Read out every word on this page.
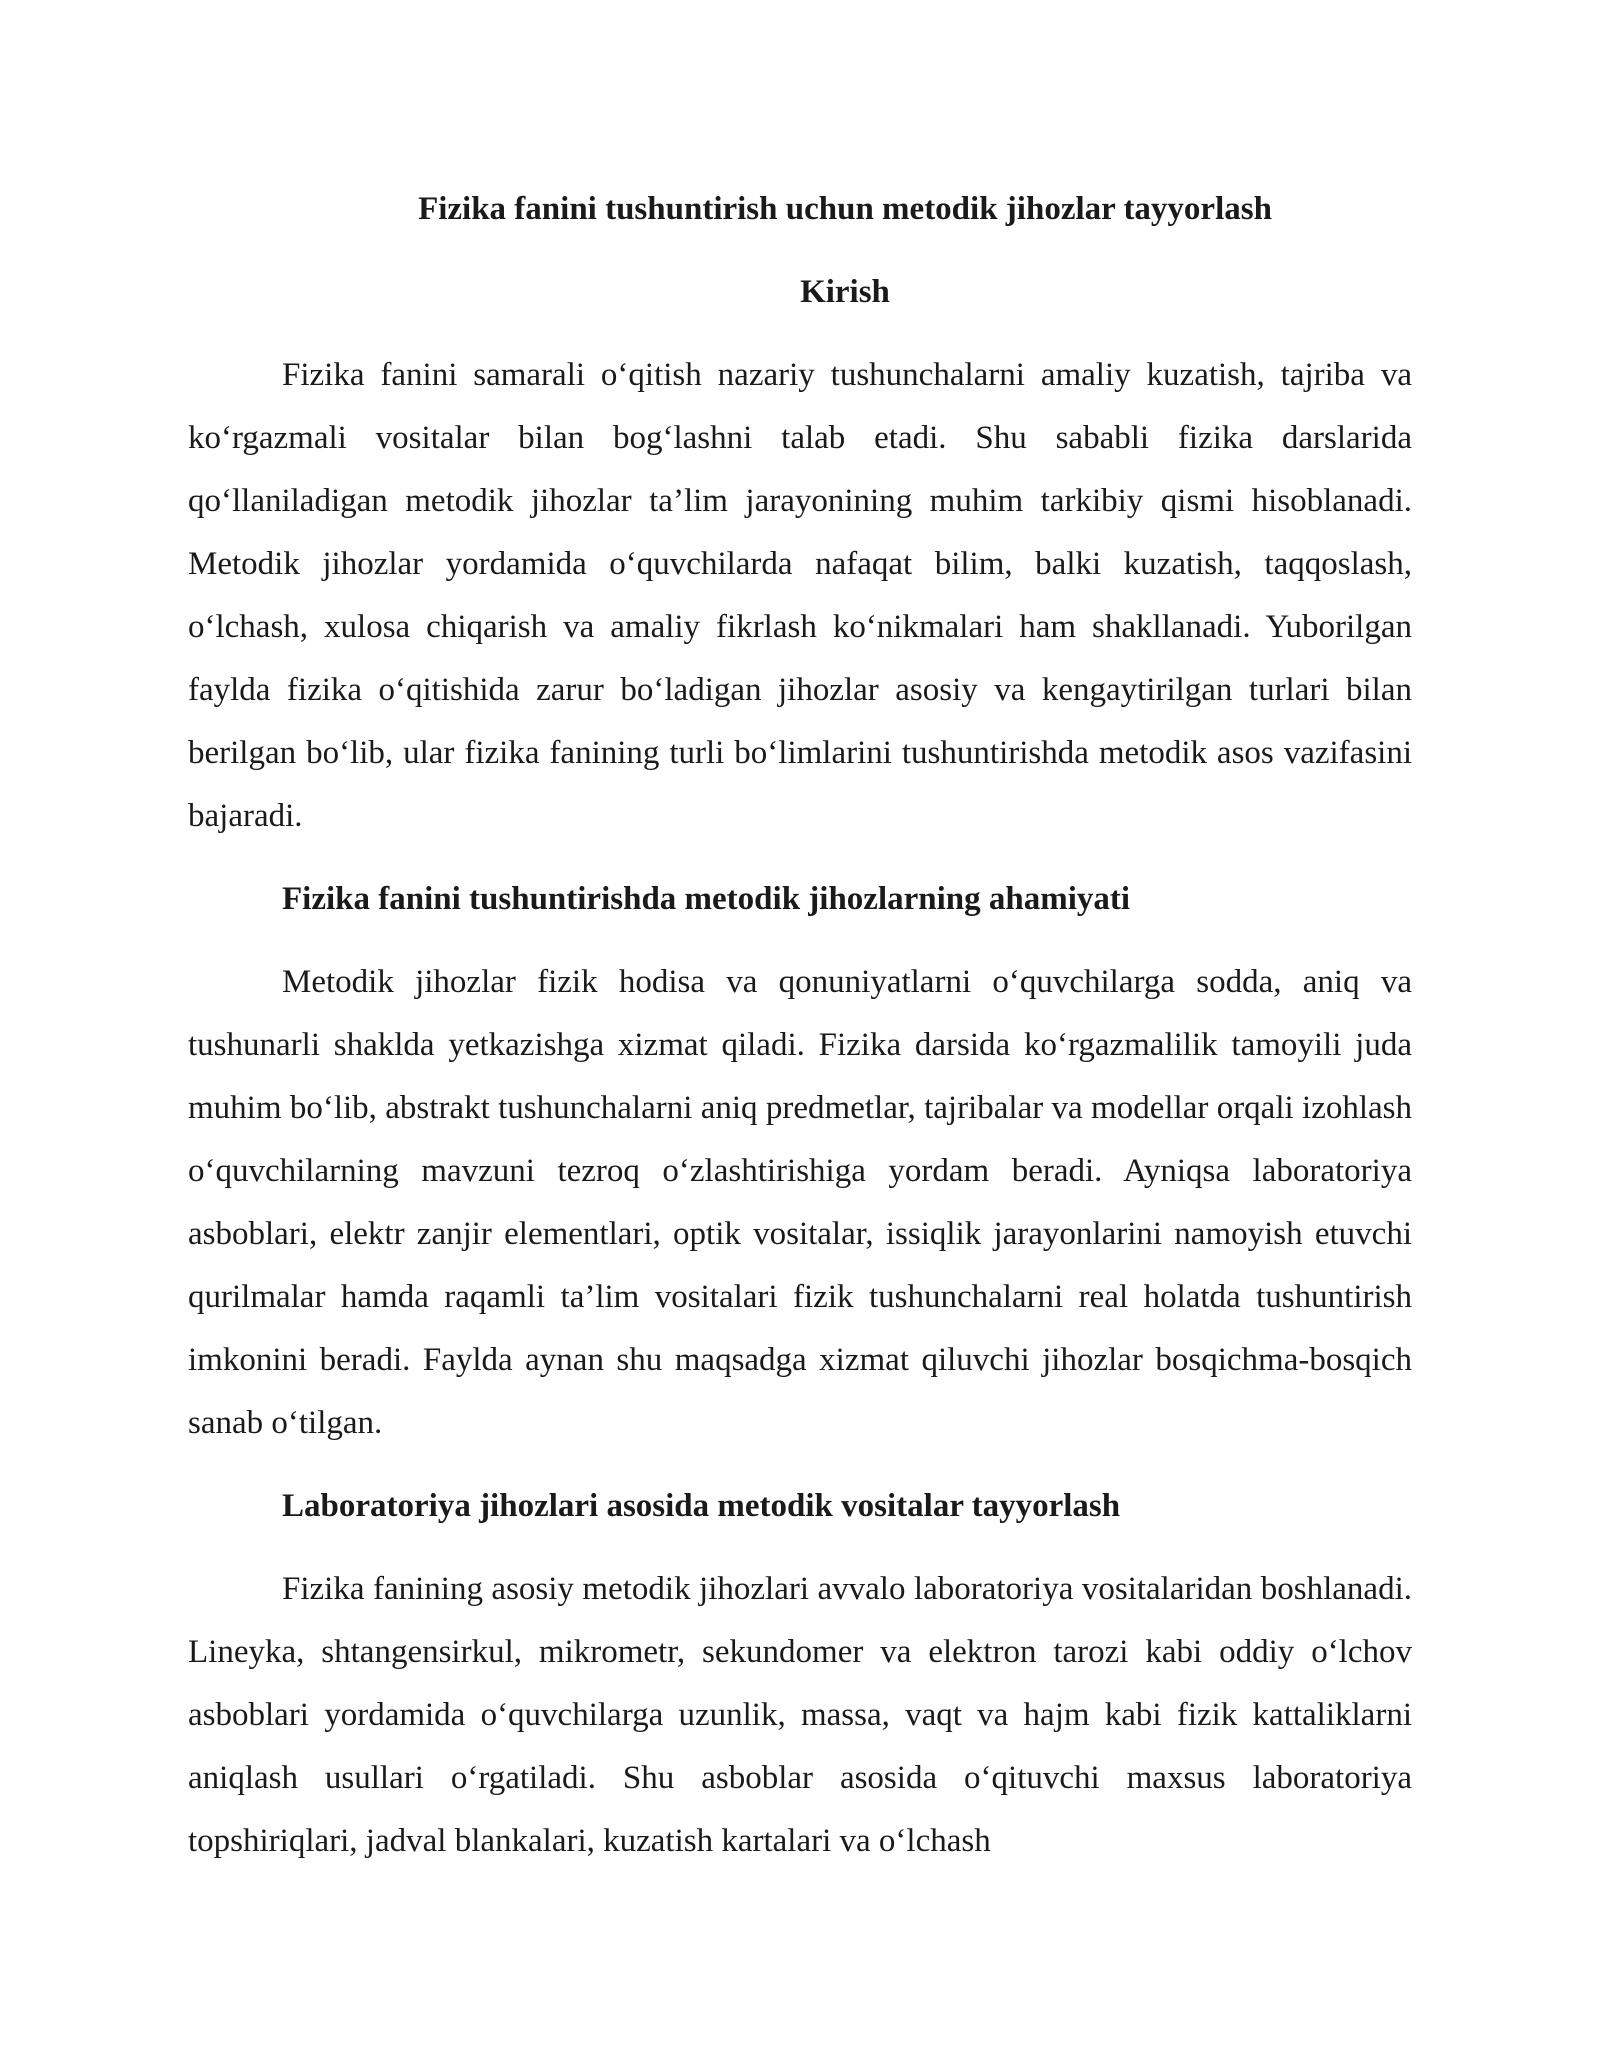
Fizika fanini tushuntirish uchun metodik jihozlar tayyorlash
Kirish

Fizika fanini samarali o‘qitish nazariy tushunchalarni amaliy kuzatish, tajriba va ko‘rgazmali vositalar bilan bog‘lashni talab etadi. Shu sababli fizika darslarida qo‘llaniladigan metodik jihozlar ta’lim jarayonining muhim tarkibiy qismi hisoblanadi. Metodik jihozlar yordamida o‘quvchilarda nafaqat bilim, balki kuzatish, taqqoslash, o‘lchash, xulosa chiqarish va amaliy fikrlash ko‘nikmalari ham shakllanadi. Yuborilgan faylda fizika o‘qitishida zarur bo‘ladigan jihozlar asosiy va kengaytirilgan turlari bilan berilgan bo‘lib, ular fizika fanining turli bo‘limlarini tushuntirishda metodik asos vazifasini bajaradi.

Fizika fanini tushuntirishda metodik jihozlarning ahamiyati

Metodik jihozlar fizik hodisa va qonuniyatlarni o‘quvchilarga sodda, aniq va tushunarli shaklda yetkazishga xizmat qiladi. Fizika darsida ko‘rgazmalilik tamoyili juda muhim bo‘lib, abstrakt tushunchalarni aniq predmetlar, tajribalar va modellar orqali izohlash o‘quvchilarning mavzuni tezroq o‘zlashtirishiga yordam beradi. Ayniqsa laboratoriya asboblari, elektr zanjir elementlari, optik vositalar, issiqlik jarayonlarini namoyish etuvchi qurilmalar hamda raqamli ta’lim vositalari fizik tushunchalarni real holatda tushuntirish imkonini beradi. Faylda aynan shu maqsadga xizmat qiluvchi jihozlar bosqichma-bosqich sanab o‘tilgan.

Laboratoriya jihozlari asosida metodik vositalar tayyorlash

Fizika fanining asosiy metodik jihozlari avvalo laboratoriya vositalaridan boshlanadi. Lineyka, shtangensirkul, mikrometr, sekundomer va elektron tarozi kabi oddiy o‘lchov asboblari yordamida o‘quvchilarga uzunlik, massa, vaqt va hajm kabi fizik kattaliklarni aniqlash usullari o‘rgatiladi. Shu asboblar asosida o‘qituvchi maxsus laboratoriya topshiriqlari, jadval blankalari, kuzatish kartalari va o‘lchash
